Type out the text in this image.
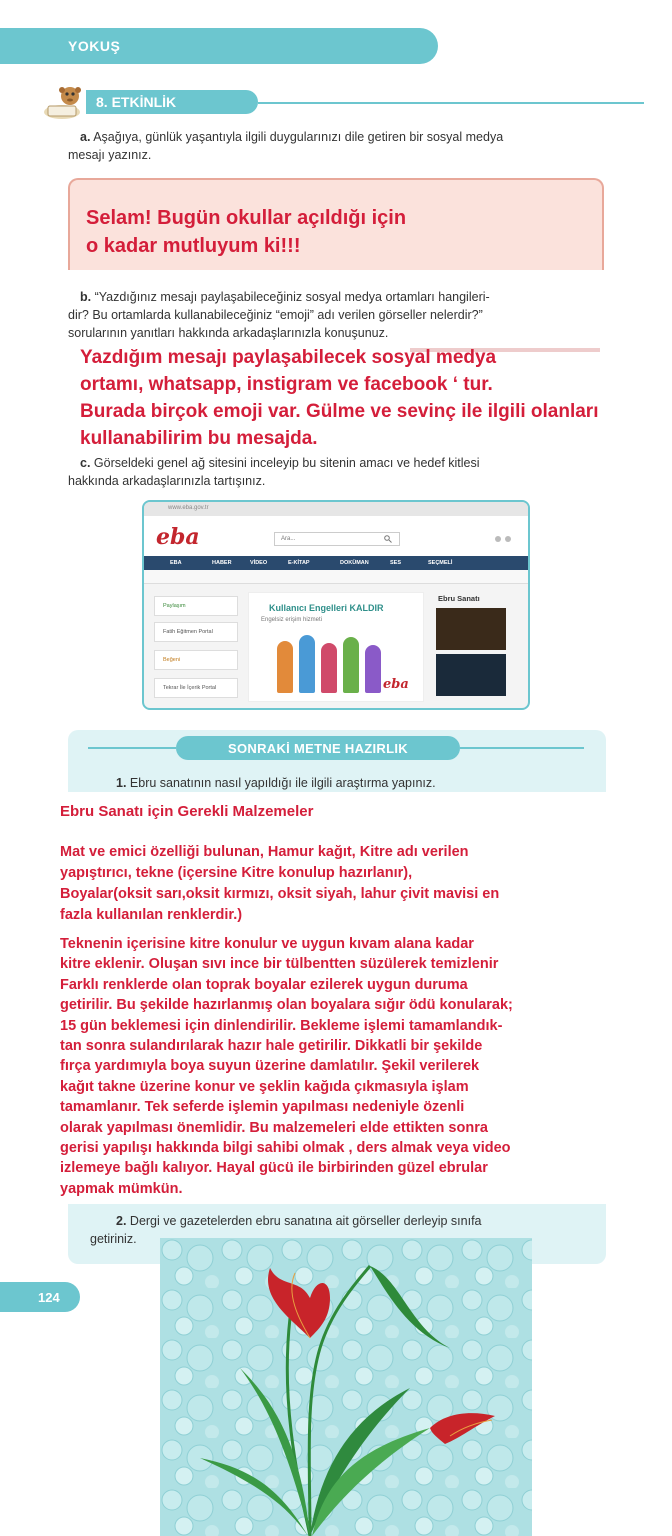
YOKUŞ
8. ETKİNLİK
a. Aşağıya, günlük yaşantıyla ilgili duygularınızı dile getiren bir sosyal medya
mesajı yazınız.
Selam! Bugün okullar açıldığı için
o kadar mutluyum ki!!!
b. “Yazdığınız mesajı paylaşabileceğiniz sosyal medya ortamları hangileri-
dir? Bu ortamlarda kullanabileceğiniz “emoji” adı verilen görseller nelerdir?”
sorularının yanıtları hakkında arkadaşlarınızla konuşunuz.
Yazdığım mesajı paylaşabilecek sosyal medya
ortamı, whatsapp, instigram ve facebook ‘ tur.
Burada birçok emoji var. Gülme ve sevinç ile ilgili olanları
kullanabilirim bu mesajda.
c. Görseldeki genel ağ sitesini inceleyip bu sitenin amacı ve hedef kitlesi
hakkında arkadaşlarınızla tartışınız.
www.eba.gov.tr
eba	Ara...
EBA	HABER	VİDEO	E-KİTAP	DOKÜMAN	SES	SEÇMELİ
Paylaşım
Fatih Eğitmen Portal
Beğeni
Tekrar İle İçerik Portal
Kullanıcı Engelleri KALDIR
Engelsiz erişim hizmeti
eba
Ebru Sanatı
SONRAKİ METNE HAZIRLIK
1. Ebru sanatının nasıl yapıldığı ile ilgili araştırma yapınız.
Ebru Sanatı için Gerekli Malzemeler
Mat ve emici özelliği bulunan, Hamur kağıt, Kitre adı verilen
yapıştırıcı, tekne (içersine Kitre konulup hazırlanır),
Boyalar(oksit sarı,oksit kırmızı, oksit siyah, lahur çivit mavisi en
fazla kullanılan renklerdir.)
Teknenin içerisine kitre konulur ve uygun kıvam alana kadar
kitre eklenir. Oluşan sıvı ince bir tülbentten süzülerek temizlenir
Farklı renklerde olan toprak boyalar ezilerek uygun duruma
getirilir. Bu şekilde hazırlanmış olan boyalara sığır ödü konularak;
15 gün beklemesi için dinlendirilir. Bekleme işlemi tamamlandık-
tan sonra sulandırılarak hazır hale getirilir. Dikkatli bir şekilde
fırça yardımıyla boya suyun üzerine damlatılır. Şekil verilerek
kağıt takne üzerine konur ve şeklin kağıda çıkmasıyla işlam
tamamlanır. Tek seferde işlemin yapılması nedeniyle özenli
olarak yapılması önemlidir. Bu malzemeleri elde ettikten sonra
gerisi yapılışı hakkında bilgi sahibi olmak , ders almak veya video
izlemeye bağlı kalıyor. Hayal gücü ile birbirinden güzel ebrular
yapmak mümkün.
2. Dergi ve gazetelerden ebru sanatına ait görseller derleyip sınıfa
getiriniz.
124
